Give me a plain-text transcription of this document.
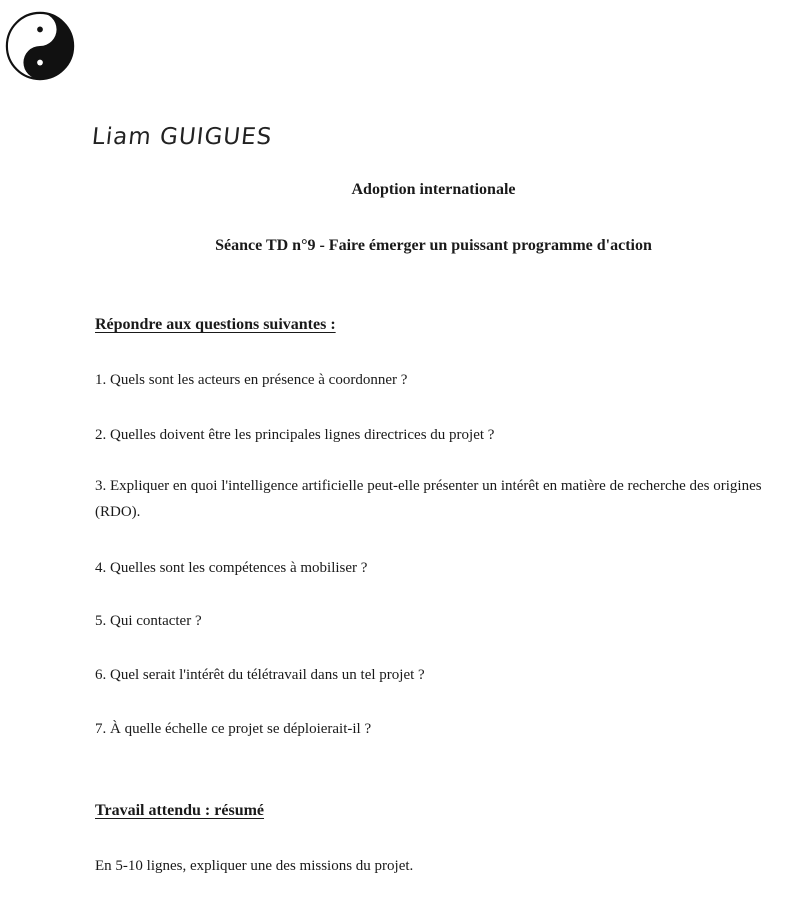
Liam GUIGUES
Adoption internationale
Séance TD n°9 - Faire émerger un puissant programme d'action
Répondre aux questions suivantes :
1. Quels sont les acteurs en présence à coordonner ?
2. Quelles doivent être les principales lignes directrices du projet ?
3. Expliquer en quoi l'intelligence artificielle peut-elle présenter un intérêt en matière de recherche des origines (RDO).
4. Quelles sont les compétences à mobiliser ?
5. Qui contacter ?
6. Quel serait l'intérêt du télétravail dans un tel projet ?
7. À quelle échelle ce projet se déploierait-il ?
Travail attendu : résumé
En 5-10 lignes, expliquer une des missions du projet.
